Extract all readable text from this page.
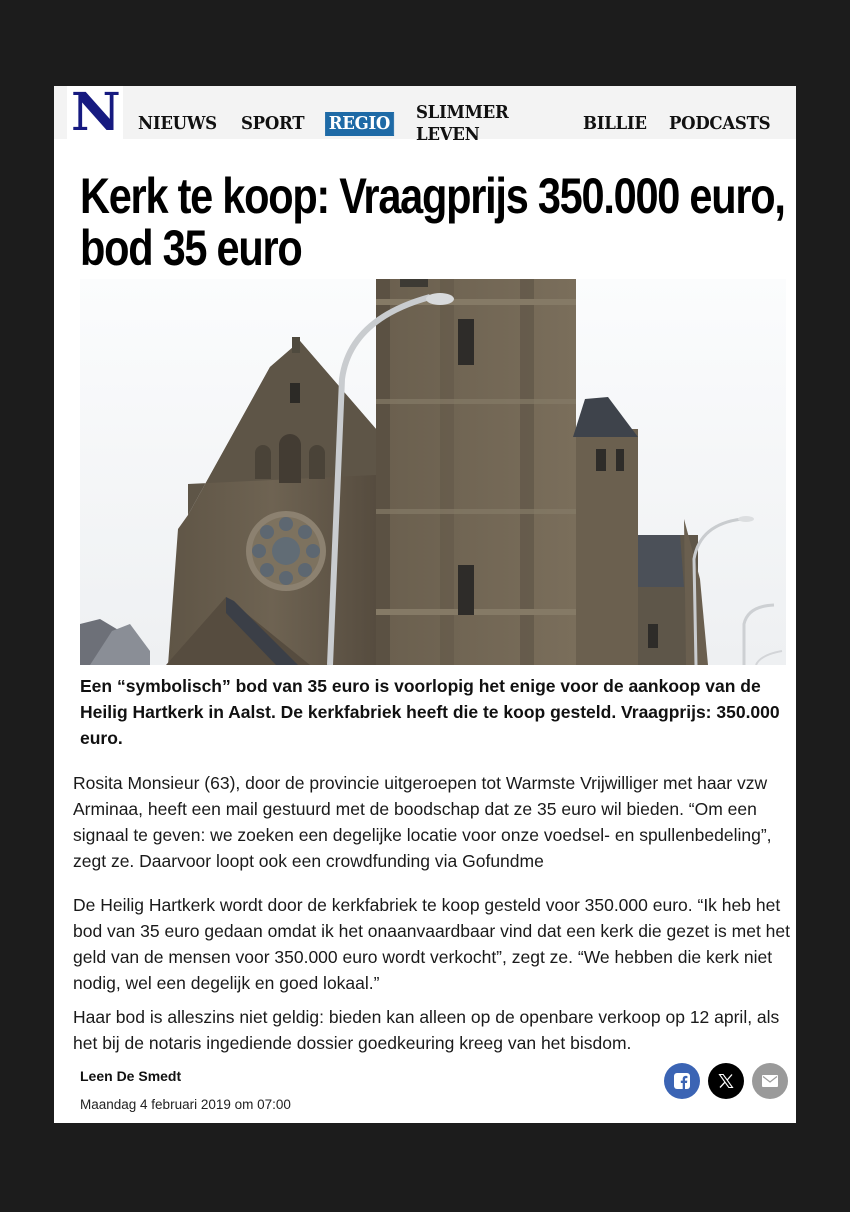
N NIEUWS SPORT REGIO
SLIMMER LEVEN
BILLIE PODCASTS
Kerk te koop: Vraagprijs 350.000 euro, bod 35 euro

Een “symbolisch” bod van 35 euro is voorlopig het enige voor de aankoop van de Heilig Hartkerk in Aalst. De kerkfabriek heeft die te koop gesteld. Vraagprijs: 350.000 euro.

Rosita Monsieur (63), door de provincie uitgeroepen tot Warmste Vrijwilliger met haar vzw Arminaa, heeft een mail gestuurd met de boodschap dat ze 35 euro wil bieden. “Om een signaal te geven: we zoeken een degelijke locatie voor onze voedsel- en spullenbedeling”, zegt ze. Daarvoor loopt ook een crowdfunding via Gofundme

De Heilig Hartkerk wordt door de kerkfabriek te koop gesteld voor 350.000 euro. “Ik heb het bod van 35 euro gedaan omdat ik het onaanvaardbaar vind dat een kerk die gezet is met het geld van de mensen voor 350.000 euro wordt verkocht”, zegt ze. “We hebben die kerk niet nodig, wel een degelijk en goed lokaal.”

Haar bod is alleszins niet geldig: bieden kan alleen op de openbare verkoop op 12 april, als het bij de notaris ingediende dossier goedkeuring kreeg van het bisdom.

Leen De Smedt
Maandag 4 februari 2019 om 07:00
